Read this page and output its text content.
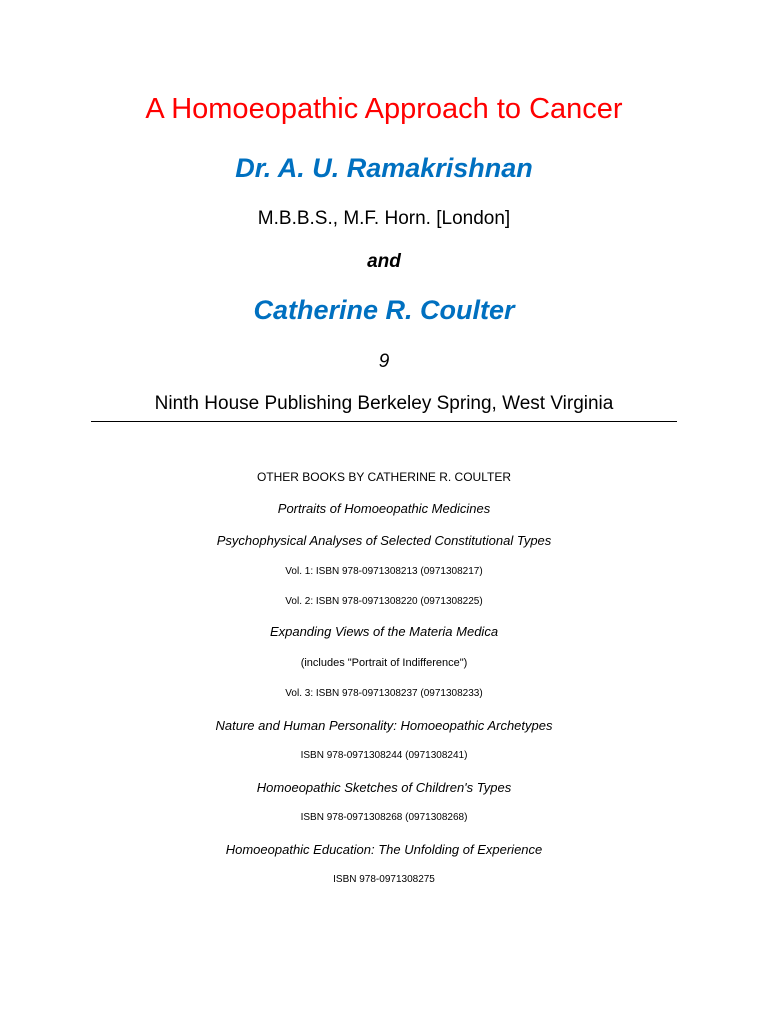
A Homoeopathic Approach to Cancer
Dr. A. U. Ramakrishnan
M.B.B.S., M.F. Horn. [London]
and
Catherine R. Coulter
9
Ninth House Publishing Berkeley Spring, West Virginia
OTHER BOOKS BY CATHERINE R. COULTER
Portraits of Homoeopathic Medicines
Psychophysical Analyses of Selected Constitutional Types
Vol. 1: ISBN 978-0971308213 (0971308217)
Vol. 2: ISBN 978-0971308220 (0971308225)
Expanding Views of the Materia Medica
(includes "Portrait of Indifference")
Vol. 3: ISBN 978-0971308237 (0971308233)
Nature and Human Personality: Homoeopathic Archetypes
ISBN 978-0971308244 (0971308241)
Homoeopathic Sketches of Children's Types
ISBN 978-0971308268 (0971308268)
Homoeopathic Education: The Unfolding of Experience
ISBN 978-0971308275
